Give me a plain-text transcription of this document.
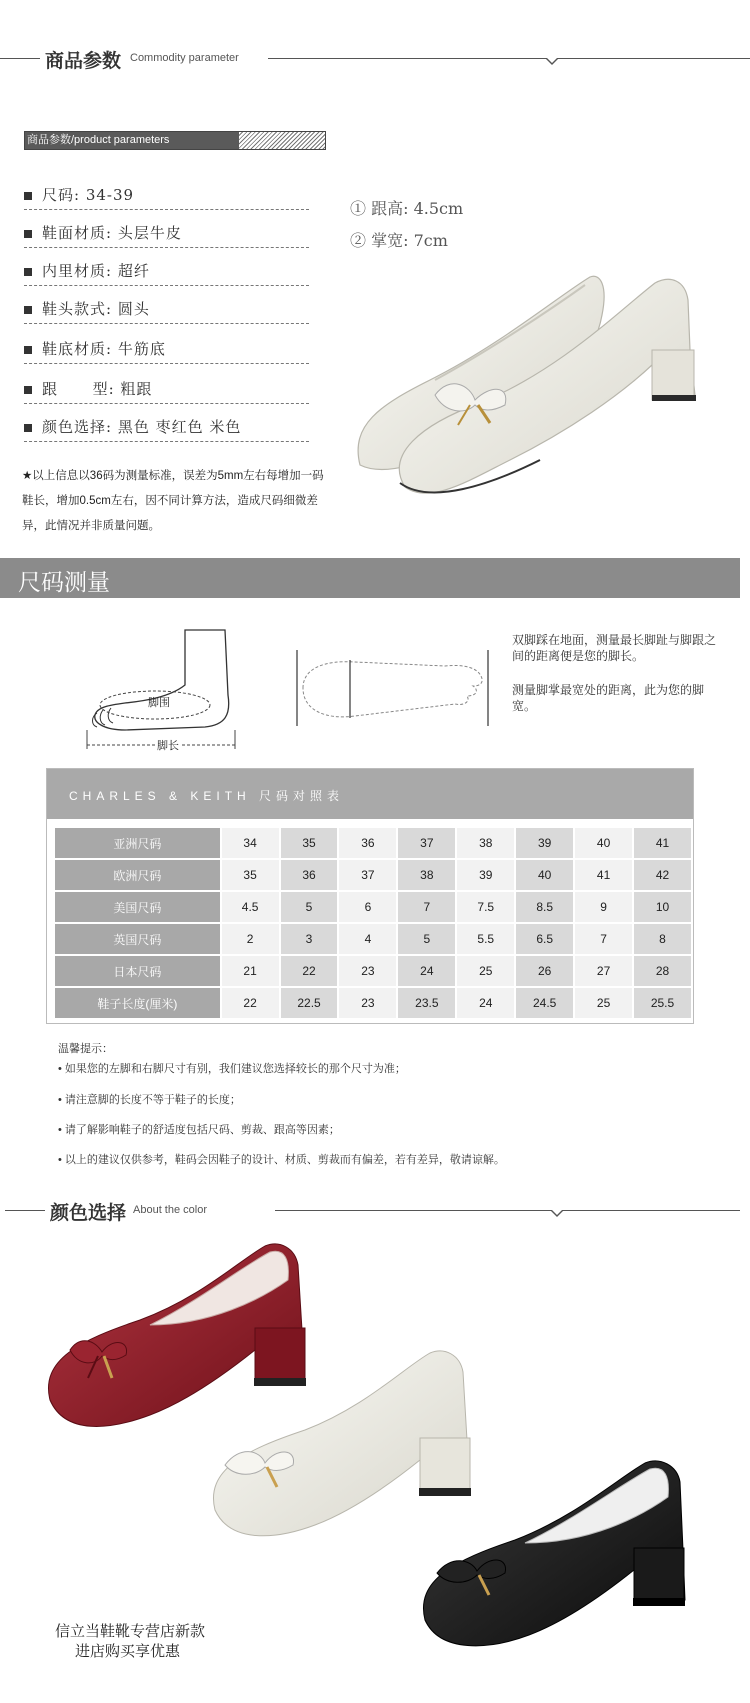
商品参数 Commodity parameter
商品参数/product parameters
尺码: 34-39
鞋面材质: 头层牛皮
内里材质: 超纤
鞋头款式: 圆头
鞋底材质: 牛筋底
跟      型: 粗跟
颜色选择: 黑色 枣红色 米色
★以上信息以36码为测量标准，误差为5mm左右每增加一码鞋长，增加0.5cm左右，因不同计算方法，造成尺码细微差异，此情况并非质量问题。
① 跟高: 4.5cm
② 掌宽: 7cm
尺码测量
脚围
脚长
双脚踩在地面，测量最长脚趾与脚跟之间的距离便是您的脚长。
测量脚掌最宽处的距离，此为您的脚宽。
CHARLES & KEITH 尺码对照表
亚洲尺码	34	35	36	37	38	39	40	41
欧洲尺码	35	36	37	38	39	40	41	42
美国尺码	4.5	5	6	7	7.5	8.5	9	10
英国尺码	2	3	4	5	5.5	6.5	7	8
日本尺码	21	22	23	24	25	26	27	28
鞋子长度(厘米)	22	22.5	23	23.5	24	24.5	25	25.5
温馨提示：
• 如果您的左脚和右脚尺寸有别，我们建议您选择较长的那个尺寸为准；
• 请注意脚的长度不等于鞋子的长度；
• 请了解影响鞋子的舒适度包括尺码、剪裁、跟高等因素；
• 以上的建议仅供参考，鞋码会因鞋子的设计、材质、剪裁而有偏差，若有差异，敬请谅解。
颜色选择 About the color
信立当鞋靴专营店新款
进店购买享优惠
